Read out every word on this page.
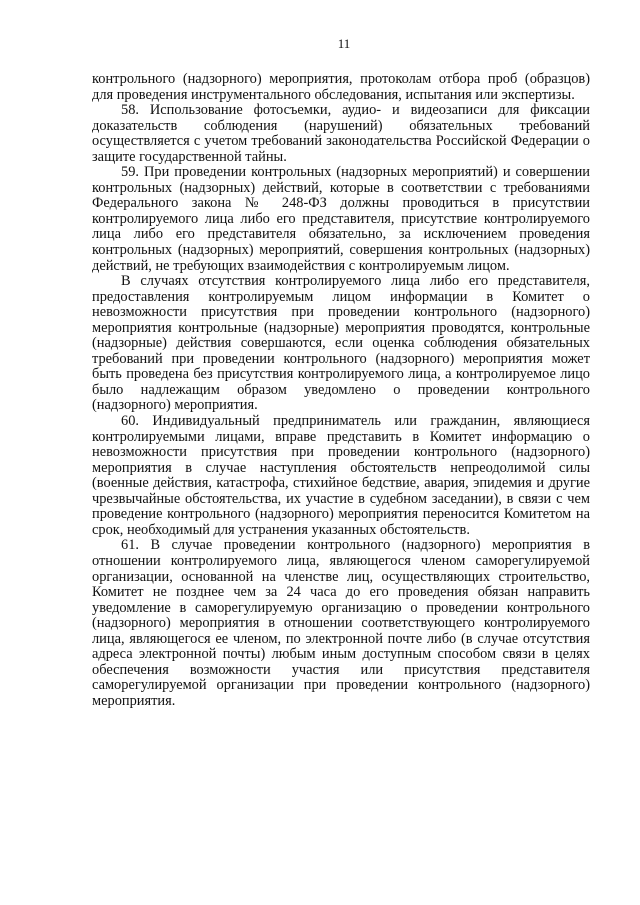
11

контрольного (надзорного) мероприятия, протоколам отбора проб (образцов) для проведения инструментального обследования, испытания или экспертизы.

58. Использование фотосъемки, аудио- и видеозаписи для фиксации доказательств соблюдения (нарушений) обязательных требований осуществляется с учетом требований законодательства Российской Федерации о защите государственной тайны.

59. При проведении контрольных (надзорных мероприятий) и совершении контрольных (надзорных) действий, которые в соответствии с требованиями Федерального закона № 248-ФЗ должны проводиться в присутствии контролируемого лица либо его представителя, присутствие контролируемого лица либо его представителя обязательно, за исключением проведения контрольных (надзорных) мероприятий, совершения контрольных (надзорных) действий, не требующих взаимодействия с контролируемым лицом.

В случаях отсутствия контролируемого лица либо его представителя, предоставления контролируемым лицом информации в Комитет о невозможности присутствия при проведении контрольного (надзорного) мероприятия контрольные (надзорные) мероприятия проводятся, контрольные (надзорные) действия совершаются, если оценка соблюдения обязательных требований при проведении контрольного (надзорного) мероприятия может быть проведена без присутствия контролируемого лица, а контролируемое лицо было надлежащим образом уведомлено о проведении контрольного (надзорного) мероприятия.

60. Индивидуальный предприниматель или гражданин, являющиеся контролируемыми лицами, вправе представить в Комитет информацию о невозможности присутствия при проведении контрольного (надзорного) мероприятия в случае наступления обстоятельств непреодолимой силы (военные действия, катастрофа, стихийное бедствие, авария, эпидемия и другие чрезвычайные обстоятельства, их участие в судебном заседании), в связи с чем проведение контрольного (надзорного) мероприятия переносится Комитетом на срок, необходимый для устранения указанных обстоятельств.

61. В случае проведении контрольного (надзорного) мероприятия в отношении контролируемого лица, являющегося членом саморегулируемой организации, основанной на членстве лиц, осуществляющих строительство, Комитет не позднее чем за 24 часа до его проведения обязан направить уведомление в саморегулируемую организацию о проведении контрольного (надзорного) мероприятия в отношении соответствующего контролируемого лица, являющегося ее членом, по электронной почте либо (в случае отсутствия адреса электронной почты) любым иным доступным способом связи в целях обеспечения возможности участия или присутствия представителя саморегулируемой организации при проведении контрольного (надзорного) мероприятия.
